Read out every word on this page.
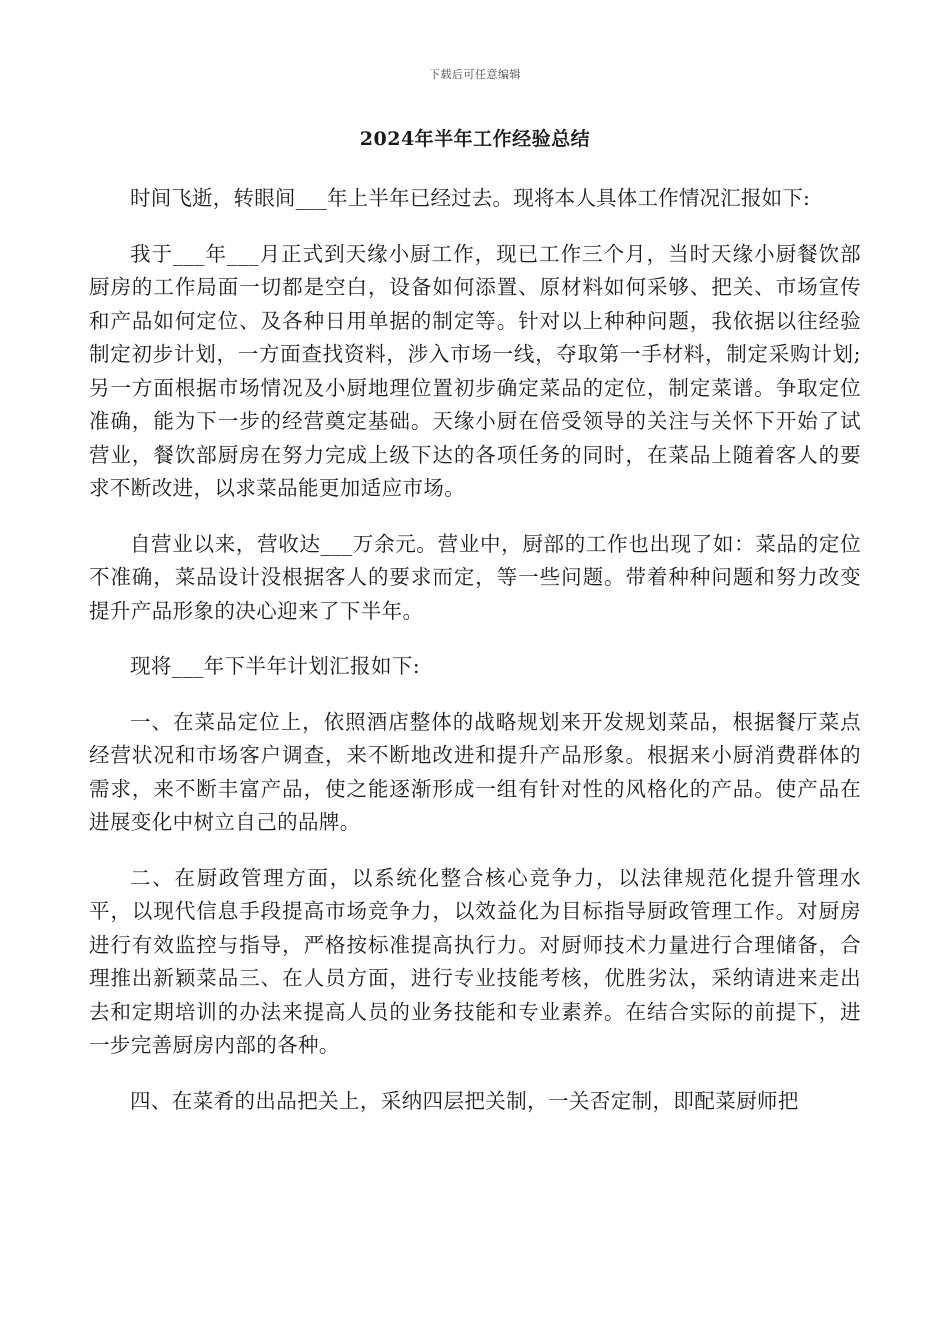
下载后可任意编辑
2024年半年工作经验总结

时间飞逝，转眼间___年上半年已经过去。现将本人具体工作情况汇报如下:

我于___年___月正式到天缘小厨工作，现已工作三个月，当时天缘小厨餐饮部厨房的工作局面一切都是空白，设备如何添置、原材料如何采够、把关、市场宣传和产品如何定位、及各种日用单据的制定等。针对以上种种问题，我依据以往经验制定初步计划，一方面查找资料，涉入市场一线，夺取第一手材料，制定采购计划;另一方面根据市场情况及小厨地理位置初步确定菜品的定位，制定菜谱。争取定位准确，能为下一步的经营奠定基础。天缘小厨在倍受领导的关注与关怀下开始了试营业，餐饮部厨房在努力完成上级下达的各项任务的同时，在菜品上随着客人的要求不断改进，以求菜品能更加适应市场。

自营业以来，营收达___万余元。营业中，厨部的工作也出现了如：菜品的定位不准确，菜品设计没根据客人的要求而定，等一些问题。带着种种问题和努力改变提升产品形象的决心迎来了下半年。

现将___年下半年计划汇报如下:

一、在菜品定位上，依照酒店整体的战略规划来开发规划菜品，根据餐厅菜点经营状况和市场客户调查，来不断地改进和提升产品形象。根据来小厨消费群体的需求，来不断丰富产品，使之能逐渐形成一组有针对性的风格化的产品。使产品在进展变化中树立自己的品牌。

二、在厨政管理方面，以系统化整合核心竞争力，以法律规范化提升管理水平，以现代信息手段提高市场竞争力，以效益化为目标指导厨政管理工作。对厨房进行有效监控与指导，严格按标准提高执行力。对厨师技术力量进行合理储备，合理推出新颖菜品三、在人员方面，进行专业技能考核，优胜劣汰，采纳请进来走出去和定期培训的办法来提高人员的业务技能和专业素养。在结合实际的前提下，进一步完善厨房内部的各种。

四、在菜肴的出品把关上，采纳四层把关制，一关否定制，即配菜厨师把
